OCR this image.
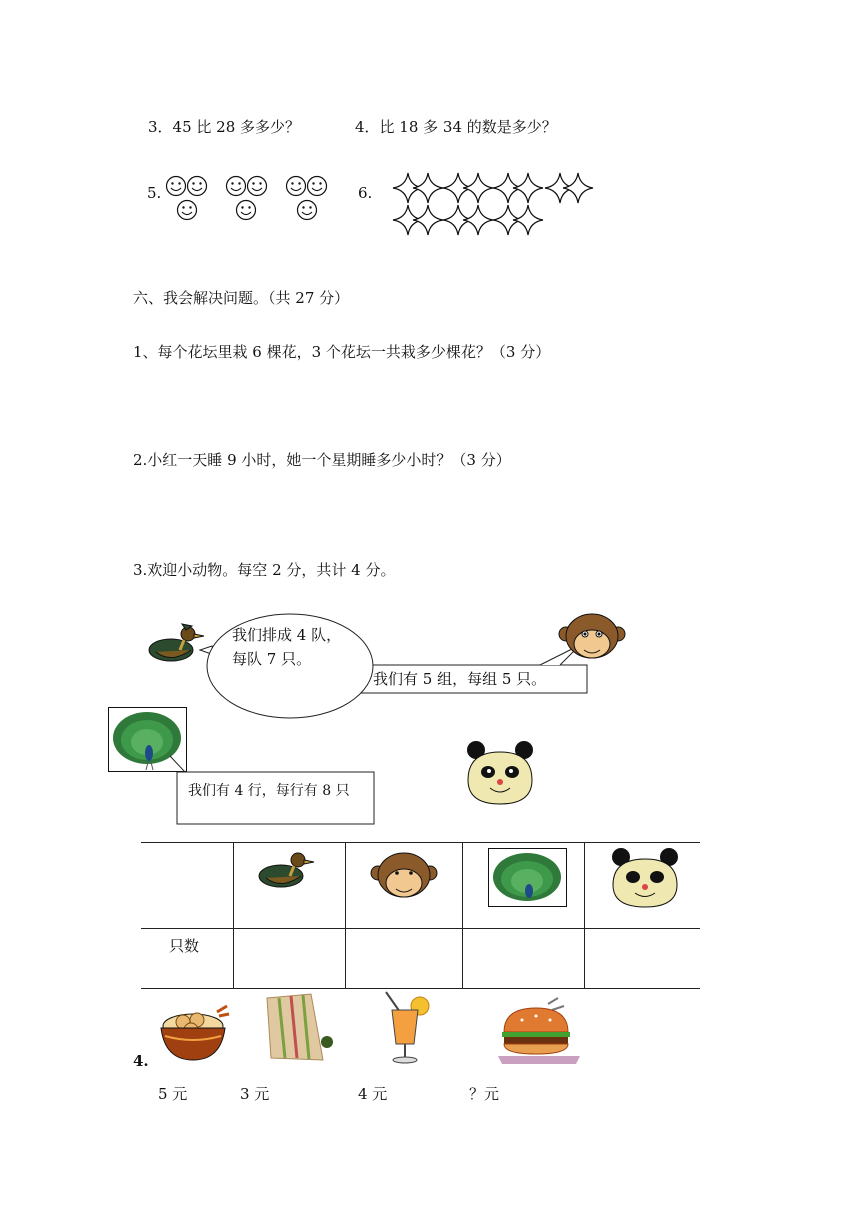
3．45 比 28 多多少？	4．比 18 多 34 的数是多少？
5.	6.
六、我会解决问题。（共 27 分）
1、每个花坛里栽 6 棵花，3 个花坛一共栽多少棵花？（3 分）
2.小红一天睡 9 小时，她一个星期睡多少小时？（3 分）
3.欢迎小动物。每空 2 分，共计 4 分。
我们有 5 组，每组 5 只。
我们排成 4 队，
每队 7 只。
我们有 4 行，每行有 8 只

只数				
4.
5 元	3 元	4 元	？元
